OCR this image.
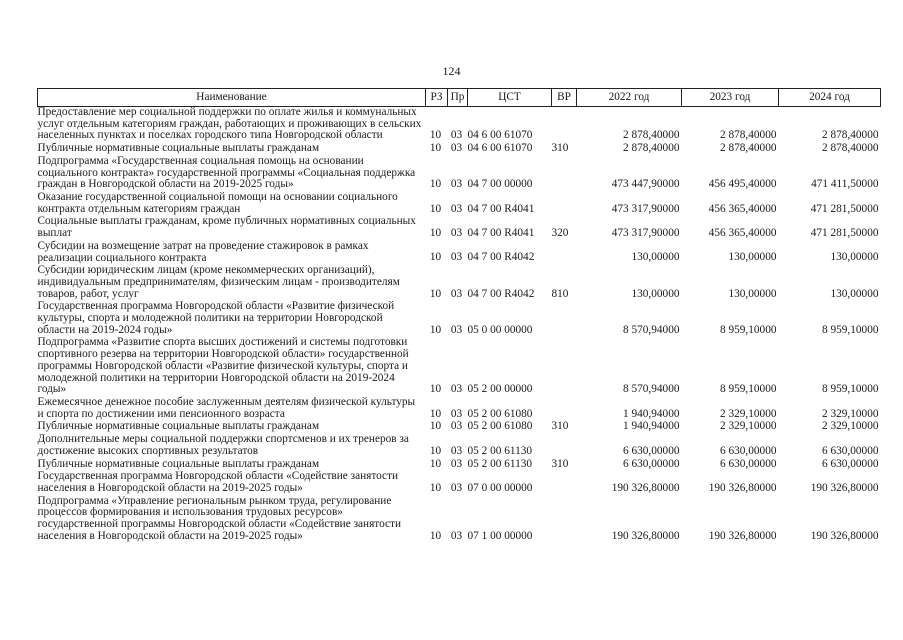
124
Наименование	РЗ	Пр	ЦСТ	ВР	2022 год	2023 год	2024 год
Предоставление мер социальной поддержки по оплате жилья и коммунальных услуг отдельным категориям граждан, работающих и проживающих в сельских населенных пунктах и поселках городского типа Новгородской области	10	03	04 6 00 61070		2 878,40000	2 878,40000	2 878,40000
Публичные нормативные социальные выплаты гражданам	10	03	04 6 00 61070	310	2 878,40000	2 878,40000	2 878,40000
Подпрограмма «Государственная социальная помощь на основании социального контракта» государственной программы «Социальная поддержка граждан в Новгородской области на 2019-2025 годы»	10	03	04 7 00 00000		473 447,90000	456 495,40000	471 411,50000
Оказание государственной социальной помощи на основании социального контракта отдельным категориям граждан	10	03	04 7 00 R4041		473 317,90000	456 365,40000	471 281,50000
Социальные выплаты гражданам, кроме публичных нормативных социальных выплат	10	03	04 7 00 R4041	320	473 317,90000	456 365,40000	471 281,50000
Субсидии на возмещение затрат на проведение стажировок в рамках реализации социального контракта	10	03	04 7 00 R4042		130,00000	130,00000	130,00000
Субсидии юридическим лицам (кроме некоммерческих организаций), индивидуальным предпринимателям, физическим лицам - производителям товаров, работ, услуг	10	03	04 7 00 R4042	810	130,00000	130,00000	130,00000
Государственная программа Новгородской области «Развитие физической культуры, спорта и молодежной политики на территории Новгородской области на 2019-2024 годы»	10	03	05 0 00 00000		8 570,94000	8 959,10000	8 959,10000
Подпрограмма «Развитие спорта высших достижений и системы подготовки спортивного резерва на территории Новгородской области» государственной программы Новгородской области «Развитие физической культуры, спорта и молодежной политики на территории Новгородской области на 2019-2024 годы»	10	03	05 2 00 00000		8 570,94000	8 959,10000	8 959,10000
Ежемесячное денежное пособие заслуженным деятелям физической культуры и спорта по достижении ими пенсионного возраста	10	03	05 2 00 61080		1 940,94000	2 329,10000	2 329,10000
Публичные нормативные социальные выплаты гражданам	10	03	05 2 00 61080	310	1 940,94000	2 329,10000	2 329,10000
Дополнительные меры социальной поддержки спортсменов и их тренеров за достижение высоких спортивных результатов	10	03	05 2 00 61130		6 630,00000	6 630,00000	6 630,00000
Публичные нормативные социальные выплаты гражданам	10	03	05 2 00 61130	310	6 630,00000	6 630,00000	6 630,00000
Государственная программа Новгородской области «Содействие занятости населения в Новгородской области на 2019-2025 годы»	10	03	07 0 00 00000		190 326,80000	190 326,80000	190 326,80000
Подпрограмма «Управление региональным рынком труда, регулирование процессов формирования и использования трудовых ресурсов» государственной программы Новгородской области «Содействие занятости населения в Новгородской области на 2019-2025 годы»	10	03	07 1 00 00000		190 326,80000	190 326,80000	190 326,80000
